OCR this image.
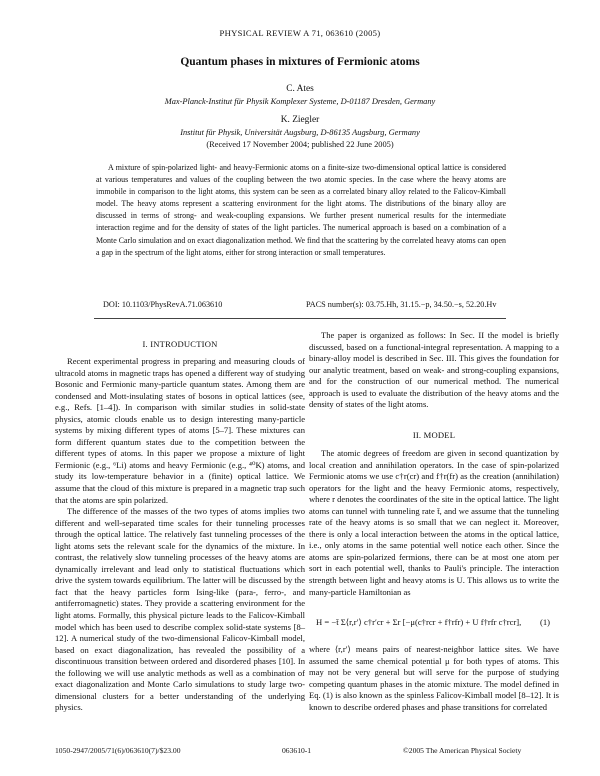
PHYSICAL REVIEW A 71, 063610 (2005)
Quantum phases in mixtures of Fermionic atoms
C. Ates
Max-Planck-Institut für Physik Komplexer Systeme, D-01187 Dresden, Germany
K. Ziegler
Institut für Physik, Universität Augsburg, D-86135 Augsburg, Germany
(Received 17 November 2004; published 22 June 2005)
A mixture of spin-polarized light- and heavy-Fermionic atoms on a finite-size two-dimensional optical lattice is considered at various temperatures and values of the coupling between the two atomic species. In the case where the heavy atoms are immobile in comparison to the light atoms, this system can be seen as a correlated binary alloy related to the Falicov-Kimball model. The heavy atoms represent a scattering environment for the light atoms. The distributions of the binary alloy are discussed in terms of strong- and weak-coupling expansions. We further present numerical results for the intermediate interaction regime and for the density of states of the light particles. The numerical approach is based on a combination of a Monte Carlo simulation and on exact diagonalization method. We find that the scattering by the correlated heavy atoms can open a gap in the spectrum of the light atoms, either for strong interaction or small temperatures.
DOI: 10.1103/PhysRevA.71.063610	PACS number(s): 03.75.Hh, 31.15.−p, 34.50.−s, 52.20.Hv
I. INTRODUCTION

Recent experimental progress in preparing and measuring clouds of ultracold atoms in magnetic traps has opened a different way of studying Bosonic and Fermionic many-particle quantum states. Among them are condensed and Mott-insulating states of bosons in optical lattices (see, e.g., Refs. [1–4]). In comparison with similar studies in solid-state physics, atomic clouds enable us to design interesting many-particle systems by mixing different types of atoms [5–7]. These mixtures can form different quantum states due to the competition between the different types of atoms. In this paper we propose a mixture of light Fermionic (e.g., ⁶Li) atoms and heavy Fermionic (e.g., ⁴⁰K) atoms, and study its low-temperature behavior in a (finite) optical lattice. We assume that the cloud of this mixture is prepared in a magnetic trap such that the atoms are spin polarized.

The difference of the masses of the two types of atoms implies two different and well-separated time scales for their tunneling processes through the optical lattice. The relatively fast tunneling processes of the light atoms sets the relevant scale for the dynamics of the mixture. In contrast, the relatively slow tunneling processes of the heavy atoms are dynamically irrelevant and lead only to statistical fluctuations which drive the system towards equilibrium. The latter will be discussed by the fact that the heavy particles form Ising-like (para-, ferro-, and antiferromagnetic) states. They provide a scattering environment for the light atoms. Formally, this physical picture leads to the Falicov-Kimball model which has been used to describe complex solid-state systems [8–12]. A numerical study of the two-dimensional Falicov-Kimball model, based on exact diagonalization, has revealed the possibility of a discontinuous transition between ordered and disordered phases [10]. In the following we will use analytic methods as well as a combination of exact diagonalization and Monte Carlo simulations to study large two-dimensional clusters for a better understanding of the underlying physics.

The paper is organized as follows: In Sec. II the model is briefly discussed, based on a functional-integral representation. A mapping to a binary-alloy model is described in Sec. III. This gives the foundation for our analytic treatment, based on weak- and strong-coupling expansions, and for the construction of our numerical method. The numerical approach is used to evaluate the distribution of the heavy atoms and the density of states of the light atoms.

II. MODEL

The atomic degrees of freedom are given in second quantization by local creation and annihilation operators. In the case of spin-polarized Fermionic atoms we use c†r(cr) and f†r(fr) as the creation (annihilation) operators for the light and the heavy Fermionic atoms, respectively, where r denotes the coordinates of the site in the optical lattice. The light atoms can tunnel with tunneling rate t̄, and we assume that the tunneling rate of the heavy atoms is so small that we can neglect it. Moreover, there is only a local interaction between the atoms in the optical lattice, i.e., only atoms in the same potential well notice each other. Since the atoms are spin-polarized fermions, there can be at most one atom per sort in each potential well, thanks to Pauli's principle. The interaction strength between light and heavy atoms is U. This allows us to write the many-particle Hamiltonian as

H = −t̄ Σ⟨r,r′⟩ c†r′cr + Σr [−μ(c†rcr + f†rfr) + U f†rfr c†rcr],	(1)

where ⟨r,r′⟩ means pairs of nearest-neighbor lattice sites. We have assumed the same chemical potential μ for both types of atoms. This may not be very general but will serve for the purpose of studying competing quantum phases in the atomic mixture. The model defined in Eq. (1) is also known as the spinless Falicov-Kimball model [8–12]. It is known to describe ordered phases and phase transitions for correlated

1050-2947/2005/71(6)/063610(7)/$23.00	063610-1	©2005 The American Physical Society
